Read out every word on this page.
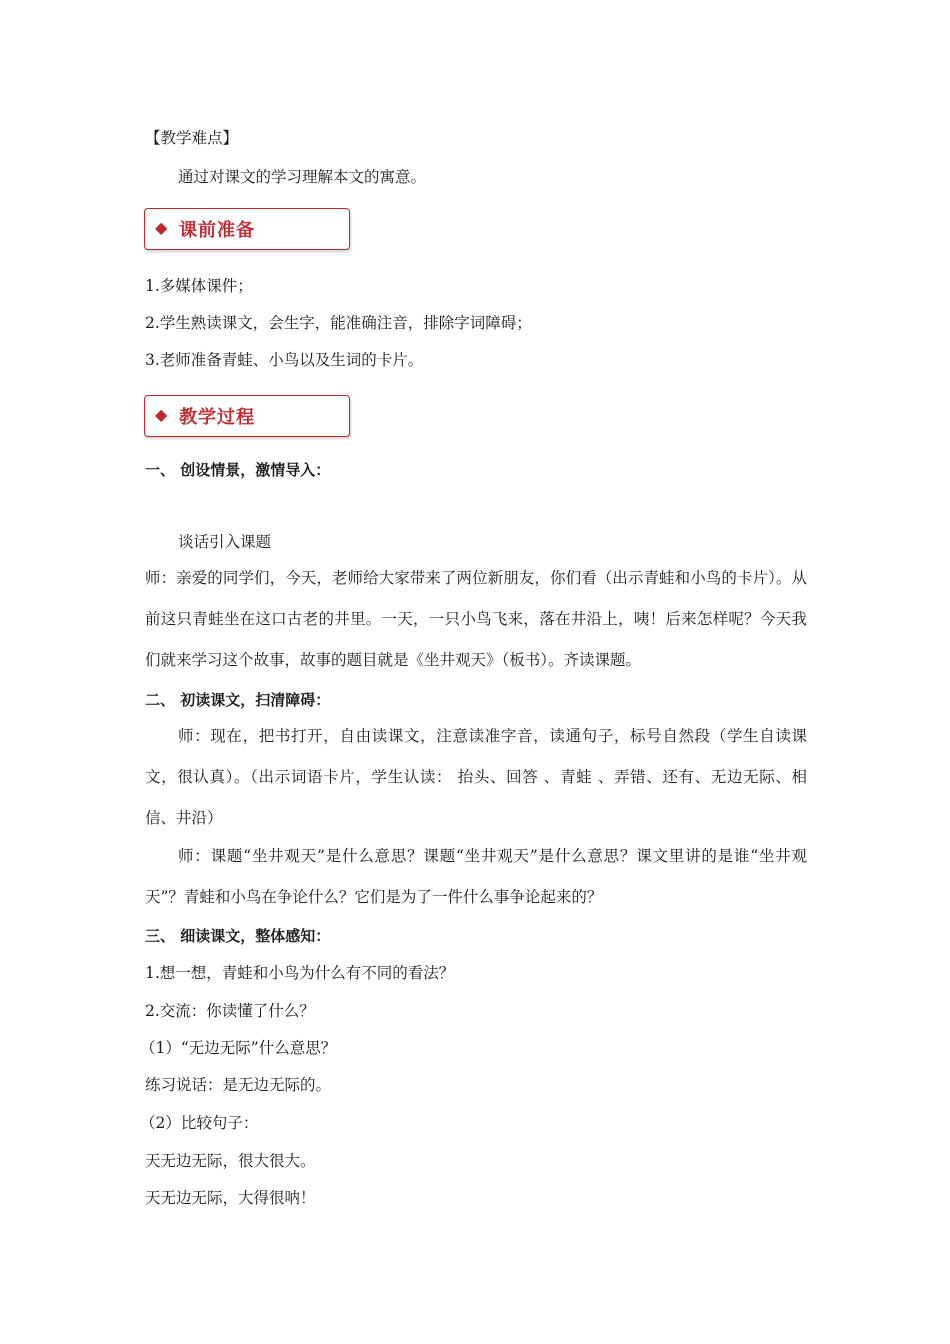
【教学难点】
通过对课文的学习理解本文的寓意。
◆ 课前准备
1.多媒体课件；
2.学生熟读课文，会生字，能准确注音，排除字词障碍；
3.老师准备青蛙、小鸟以及生词的卡片。
◆ 教学过程
一、 创设情景，激情导入：
谈话引入课题
师：亲爱的同学们，今天，老师给大家带来了两位新朋友，你们看（出示青蛙和小鸟的卡片）。从前这只青蛙坐在这口古老的井里。一天，一只小鸟飞来，落在井沿上，咦！后来怎样呢？今天我们就来学习这个故事，故事的题目就是《坐井观天》（板书）。齐读课题。
二、 初读课文，扫清障碍：
师：现在，把书打开，自由读课文，注意读准字音，读通句子，标号自然段（学生自读课文，很认真）。（出示词语卡片，学生认读： 抬头、回答 、青蛙 、弄错、还有、无边无际、相信、井沿）
师：课题“坐井观天”是什么意思？课题“坐井观天”是什么意思？课文里讲的是谁“坐井观天”？青蛙和小鸟在争论什么？它们是为了一件什么事争论起来的？
三、 细读课文，整体感知：
1.想一想，青蛙和小鸟为什么有不同的看法？
2.交流：你读懂了什么？
（1）“无边无际”什么意思？
练习说话：是无边无际的。
（2）比较句子：
天无边无际，很大很大。
天无边无际，大得很呐！
